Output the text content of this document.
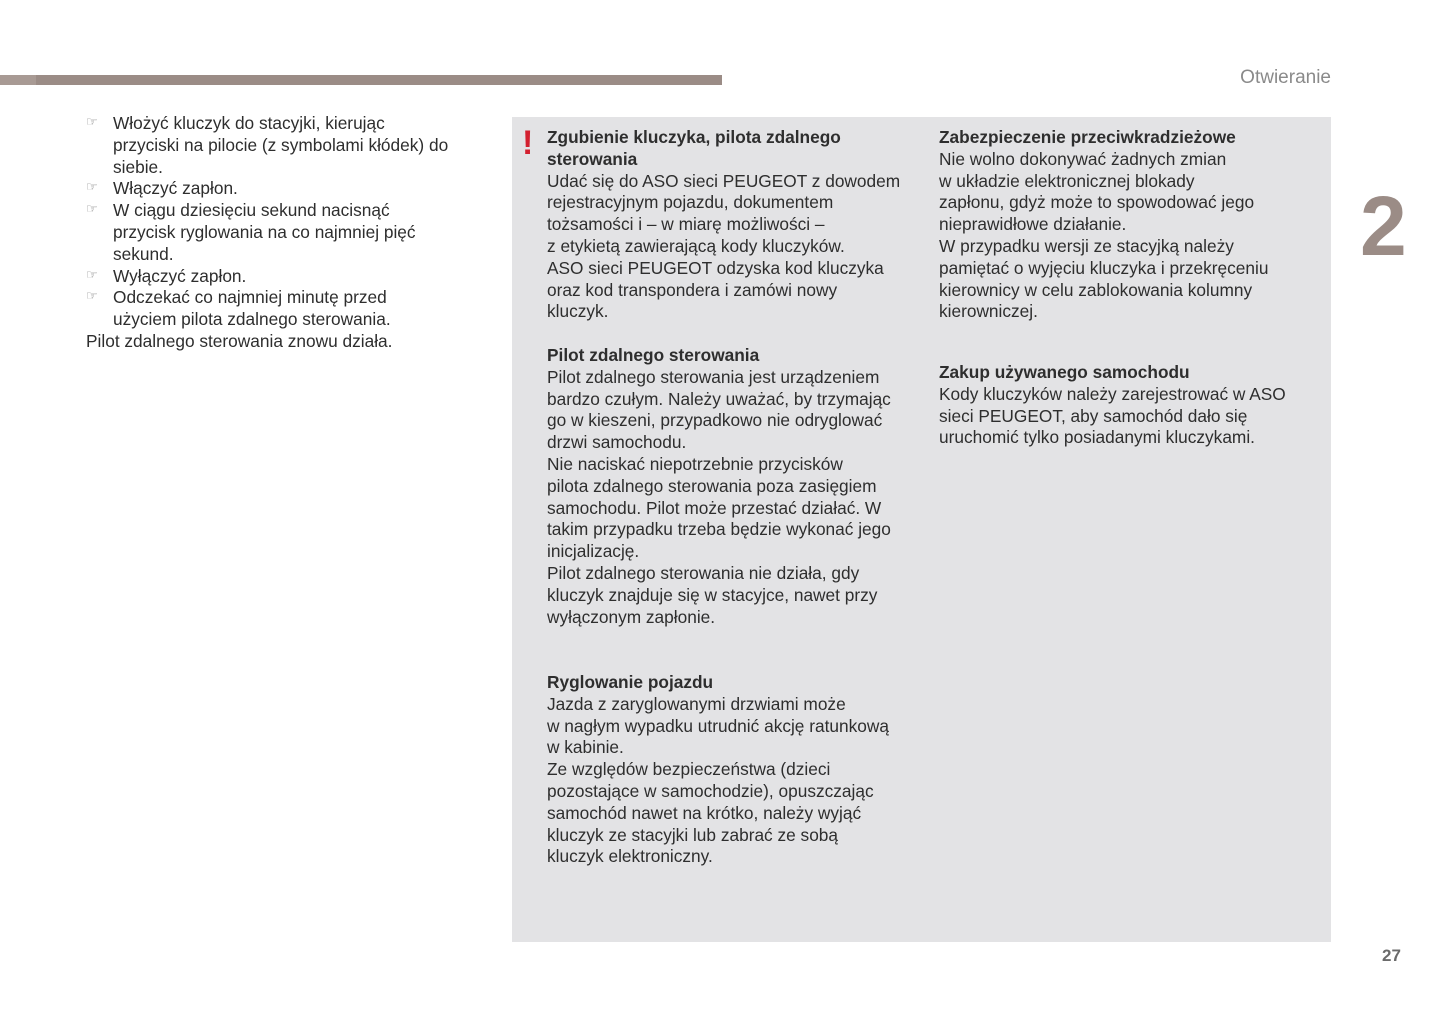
Otwieranie
2
27
☞ Włożyć kluczyk do stacyjki, kierując
przyciski na pilocie (z symbolami kłódek) do
siebie.
☞ Włączyć zapłon.
☞ W ciągu dziesięciu sekund nacisnąć
przycisk ryglowania na co najmniej pięć
sekund.
☞ Wyłączyć zapłon.
☞ Odczekać co najmniej minutę przed
użyciem pilota zdalnego sterowania.
Pilot zdalnego sterowania znowu działa.
! Zgubienie kluczyka, pilota zdalnego
sterowania
Udać się do ASO sieci PEUGEOT z dowodem
rejestracyjnym pojazdu, dokumentem
tożsamości i – w miarę możliwości –
z etykietą zawierającą kody kluczyków.
ASO sieci PEUGEOT odzyska kod kluczyka
oraz kod transpondera i zamówi nowy
kluczyk.
Pilot zdalnego sterowania
Pilot zdalnego sterowania jest urządzeniem
bardzo czułym. Należy uważać, by trzymając
go w kieszeni, przypadkowo nie odryglować
drzwi samochodu.
Nie naciskać niepotrzebnie przycisków
pilota zdalnego sterowania poza zasięgiem
samochodu. Pilot może przestać działać. W
takim przypadku trzeba będzie wykonać jego
inicjalizację.
Pilot zdalnego sterowania nie działa, gdy
kluczyk znajduje się w stacyjce, nawet przy
wyłączonym zapłonie.
Ryglowanie pojazdu
Jazda z zaryglowanymi drzwiami może
w nagłym wypadku utrudnić akcję ratunkową
w kabinie.
Ze względów bezpieczeństwa (dzieci
pozostające w samochodzie), opuszczając
samochód nawet na krótko, należy wyjąć
kluczyk ze stacyjki lub zabrać ze sobą
kluczyk elektroniczny.
Zabezpieczenie przeciwkradzieżowe
Nie wolno dokonywać żadnych zmian
w układzie elektronicznej blokady
zapłonu, gdyż może to spowodować jego
nieprawidłowe działanie.
W przypadku wersji ze stacyjką należy
pamiętać o wyjęciu kluczyka i przekręceniu
kierownicy w celu zablokowania kolumny
kierowniczej.
Zakup używanego samochodu
Kody kluczyków należy zarejestrować w ASO
sieci PEUGEOT, aby samochód dało się
uruchomić tylko posiadanymi kluczykami.
